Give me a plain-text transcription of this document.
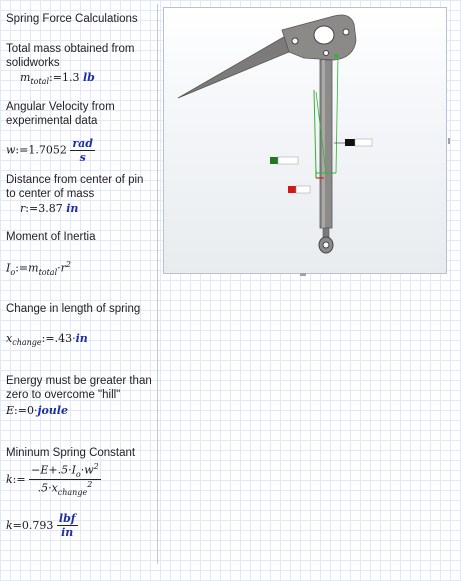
Spring Force Calculations
Total mass obtained from solidworks
$m_{total}:=1.3$ lb
Angular Velocity from experimental data
w:=1.7052 $\frac{\text{rad}}{s}$
Distance from center of pin to center of mass
r:=3.87 in
Moment of Inertia
$I_o:=m_{total}\cdot r^2$
Change in length of spring
$x_{change}:=.43\cdot in$
Energy must be greater than zero to overcome "hill"
E:=0·joule
Mininum Spring Constant
k:= $\frac{-E+.5\cdot I_o\cdot w^2}{.5\cdot x_{change}^2}$
$k=0.793 \frac{\text{lbf}}{in}$
